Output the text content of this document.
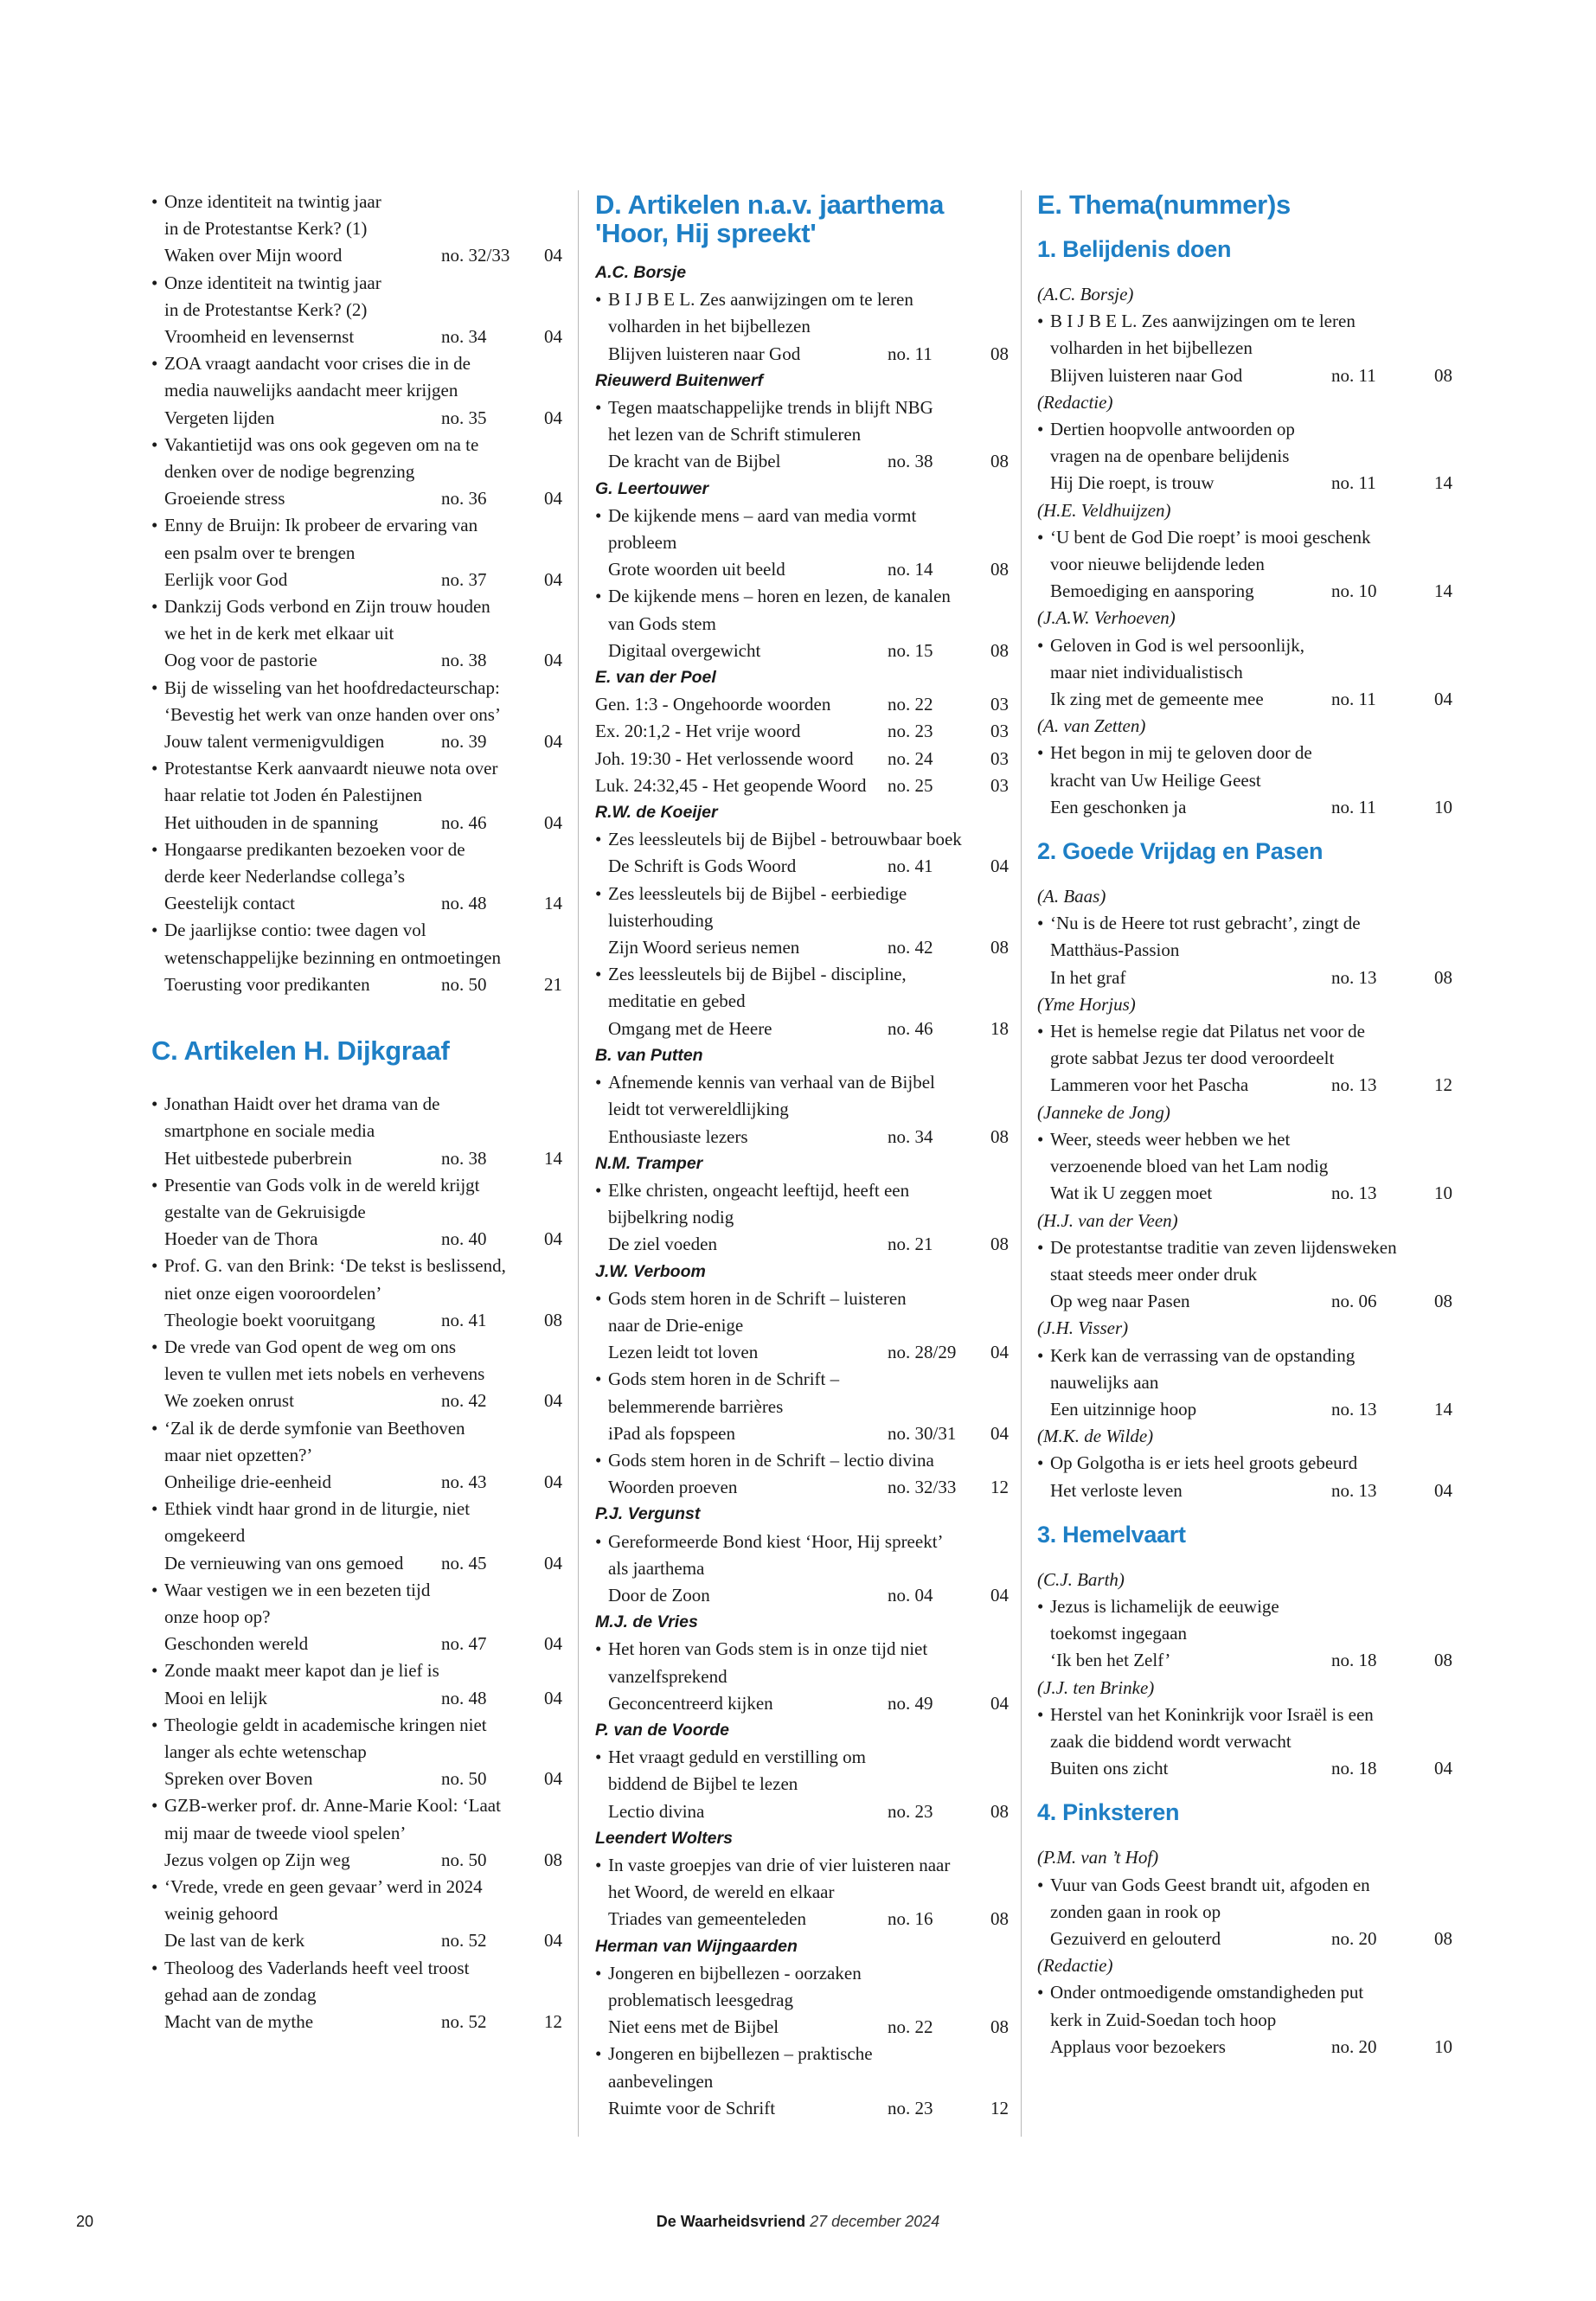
• Onze identiteit na twintig jaar
in de Protestantse Kerk? (1)
Waken over Mijn woord	no. 32/33	04
• Onze identiteit na twintig jaar
in de Protestantse Kerk? (2)
Vroomheid en levensernst	no. 34	04
• ZOA vraagt aandacht voor crises die in de
media nauwelijks aandacht meer krijgen
Vergeten lijden	no. 35	04
• Vakantietijd was ons ook gegeven om na te
denken over de nodige begrenzing
Groeiende stress	no. 36	04
• Enny de Bruijn: Ik probeer de ervaring van
een psalm over te brengen
Eerlijk voor God	no. 37	04
• Dankzij Gods verbond en Zijn trouw houden
we het in de kerk met elkaar uit
Oog voor de pastorie	no. 38	04
• Bij de wisseling van het hoofdredacteurschap:
‘Bevestig het werk van onze handen over ons’
Jouw talent vermenigvuldigen	no. 39	04
• Protestantse Kerk aanvaardt nieuwe nota over
haar relatie tot Joden én Palestijnen
Het uithouden in de spanning	no. 46	04
• Hongaarse predikanten bezoeken voor de
derde keer Nederlandse collega’s
Geestelijk contact	no. 48	14
• De jaarlijkse contio: twee dagen vol
wetenschappelijke bezinning en ontmoetingen
Toerusting voor predikanten	no. 50	21
C. Artikelen H. Dijkgraaf
• Jonathan Haidt over het drama van de
smartphone en sociale media
Het uitbestede puberbrein	no. 38	14
• Presentie van Gods volk in de wereld krijgt
gestalte van de Gekruisigde
Hoeder van de Thora	no. 40	04
• Prof. G. van den Brink: ‘De tekst is beslissend,
niet onze eigen vooroordelen’
Theologie boekt vooruitgang	no. 41	08
• De vrede van God opent de weg om ons
leven te vullen met iets nobels en verhevens
We zoeken onrust	no. 42	04
• ‘Zal ik de derde symfonie van Beethoven
maar niet opzetten?’
Onheilige drie-eenheid	no. 43	04
• Ethiek vindt haar grond in de liturgie, niet
omgekeerd
De vernieuwing van ons gemoed	no. 45	04
• Waar vestigen we in een bezeten tijd
onze hoop op?
Geschonden wereld	no. 47	04
• Zonde maakt meer kapot dan je lief is
Mooi en lelijk	no. 48	04
• Theologie geldt in academische kringen niet
langer als echte wetenschap
Spreken over Boven	no. 50	04
• GZB-werker prof. dr. Anne-Marie Kool: ‘Laat
mij maar de tweede viool spelen’
Jezus volgen op Zijn weg	no. 50	08
• ‘Vrede, vrede en geen gevaar’ werd in 2024
weinig gehoord
De last van de kerk	no. 52	04
• Theoloog des Vaderlands heeft veel troost
gehad aan de zondag
Macht van de mythe	no. 52	12
D. Artikelen n.a.v. jaarthema
'Hoor, Hij spreekt'
A.C. Borsje
• B I J B E L. Zes aanwijzingen om te leren
volharden in het bijbellezen
Blijven luisteren naar God	no. 11	08
Rieuwerd Buitenwerf
• Tegen maatschappelijke trends in blijft NBG
het lezen van de Schrift stimuleren
De kracht van de Bijbel	no. 38	08
G. Leertouwer
• De kijkende mens – aard van media vormt
probleem
Grote woorden uit beeld	no. 14	08
• De kijkende mens – horen en lezen, de kanalen
van Gods stem
Digitaal overgewicht	no. 15	08
E. van der Poel
Gen. 1:3 - Ongehoorde woorden	no. 22	03
Ex. 20:1,2 - Het vrije woord	no. 23	03
Joh. 19:30 - Het verlossende woord	no. 24	03
Luk. 24:32,45 - Het geopende Woord	no. 25	03
R.W. de Koeijer
• Zes leessleutels bij de Bijbel - betrouwbaar boek
De Schrift is Gods Woord	no. 41	04
• Zes leessleutels bij de Bijbel - eerbiedige
luisterhouding
Zijn Woord serieus nemen	no. 42	08
• Zes leessleutels bij de Bijbel - discipline,
meditatie en gebed
Omgang met de Heere	no. 46	18
B. van Putten
• Afnemende kennis van verhaal van de Bijbel
leidt tot verwereldlijking
Enthousiaste lezers	no. 34	08
N.M. Tramper
• Elke christen, ongeacht leeftijd, heeft een
bijbelkring nodig
De ziel voeden	no. 21	08
J.W. Verboom
• Gods stem horen in de Schrift – luisteren
naar de Drie-enige
Lezen leidt tot loven	no. 28/29	04
• Gods stem horen in de Schrift –
belemmerende barrières
iPad als fopspeen	no. 30/31	04
• Gods stem horen in de Schrift – lectio divina
Woorden proeven	no. 32/33	12
P.J. Vergunst
• Gereformeerde Bond kiest ‘Hoor, Hij spreekt’
als jaarthema
Door de Zoon	no. 04	04
M.J. de Vries
• Het horen van Gods stem is in onze tijd niet
vanzelfsprekend
Geconcentreerd kijken	no. 49	04
P. van de Voorde
• Het vraagt geduld en verstilling om
biddend de Bijbel te lezen
Lectio divina	no. 23	08
Leendert Wolters
• In vaste groepjes van drie of vier luisteren naar
het Woord, de wereld en elkaar
Triades van gemeenteleden	no. 16	08
Herman van Wijngaarden
• Jongeren en bijbellezen - oorzaken
problematisch leesgedrag
Niet eens met de Bijbel	no. 22	08
• Jongeren en bijbellezen – praktische
aanbevelingen
Ruimte voor de Schrift	no. 23	12
E. Thema(nummer)s
1. Belijdenis doen
(A.C. Borsje)
• B I J B E L. Zes aanwijzingen om te leren
volharden in het bijbellezen
Blijven luisteren naar God	no. 11	08
(Redactie)
• Dertien hoopvolle antwoorden op
vragen na de openbare belijdenis
Hij Die roept, is trouw	no. 11	14
(H.E. Veldhuijzen)
• ‘U bent de God Die roept’ is mooi geschenk
voor nieuwe belijdende leden
Bemoediging en aansporing	no. 10	14
(J.A.W. Verhoeven)
• Geloven in God is wel persoonlijk,
maar niet individualistisch
Ik zing met de gemeente mee	no. 11	04
(A. van Zetten)
• Het begon in mij te geloven door de
kracht van Uw Heilige Geest
Een geschonken ja	no. 11	10
2. Goede Vrijdag en Pasen
(A. Baas)
• ‘Nu is de Heere tot rust gebracht’, zingt de
Matthäus-Passion
In het graf	no. 13	08
(Yme Horjus)
• Het is hemelse regie dat Pilatus net voor de
grote sabbat Jezus ter dood veroordeelt
Lammeren voor het Pascha	no. 13	12
(Janneke de Jong)
• Weer, steeds weer hebben we het
verzoenende bloed van het Lam nodig
Wat ik U zeggen moet	no. 13	10
(H.J. van der Veen)
• De protestantse traditie van zeven lijdensweken
staat steeds meer onder druk
Op weg naar Pasen	no. 06	08
(J.H. Visser)
• Kerk kan de verrassing van de opstanding
nauwelijks aan
Een uitzinnige hoop	no. 13	14
(M.K. de Wilde)
• Op Golgotha is er iets heel groots gebeurd
Het verloste leven	no. 13	04
3. Hemelvaart
(C.J. Barth)
• Jezus is lichamelijk de eeuwige
toekomst ingegaan
‘Ik ben het Zelf’	no. 18	08
(J.J. ten Brinke)
• Herstel van het Koninkrijk voor Israël is een
zaak die biddend wordt verwacht
Buiten ons zicht	no. 18	04
4. Pinksteren
(P.M. van ’t Hof)
• Vuur van Gods Geest brandt uit, afgoden en
zonden gaan in rook op
Gezuiverd en gelouterd	no. 20	08
(Redactie)
• Onder ontmoedigende omstandigheden put
kerk in Zuid-Soedan toch hoop
Applaus voor bezoekers	no. 20	10
20	De Waarheidsvriend 27 december 2024
